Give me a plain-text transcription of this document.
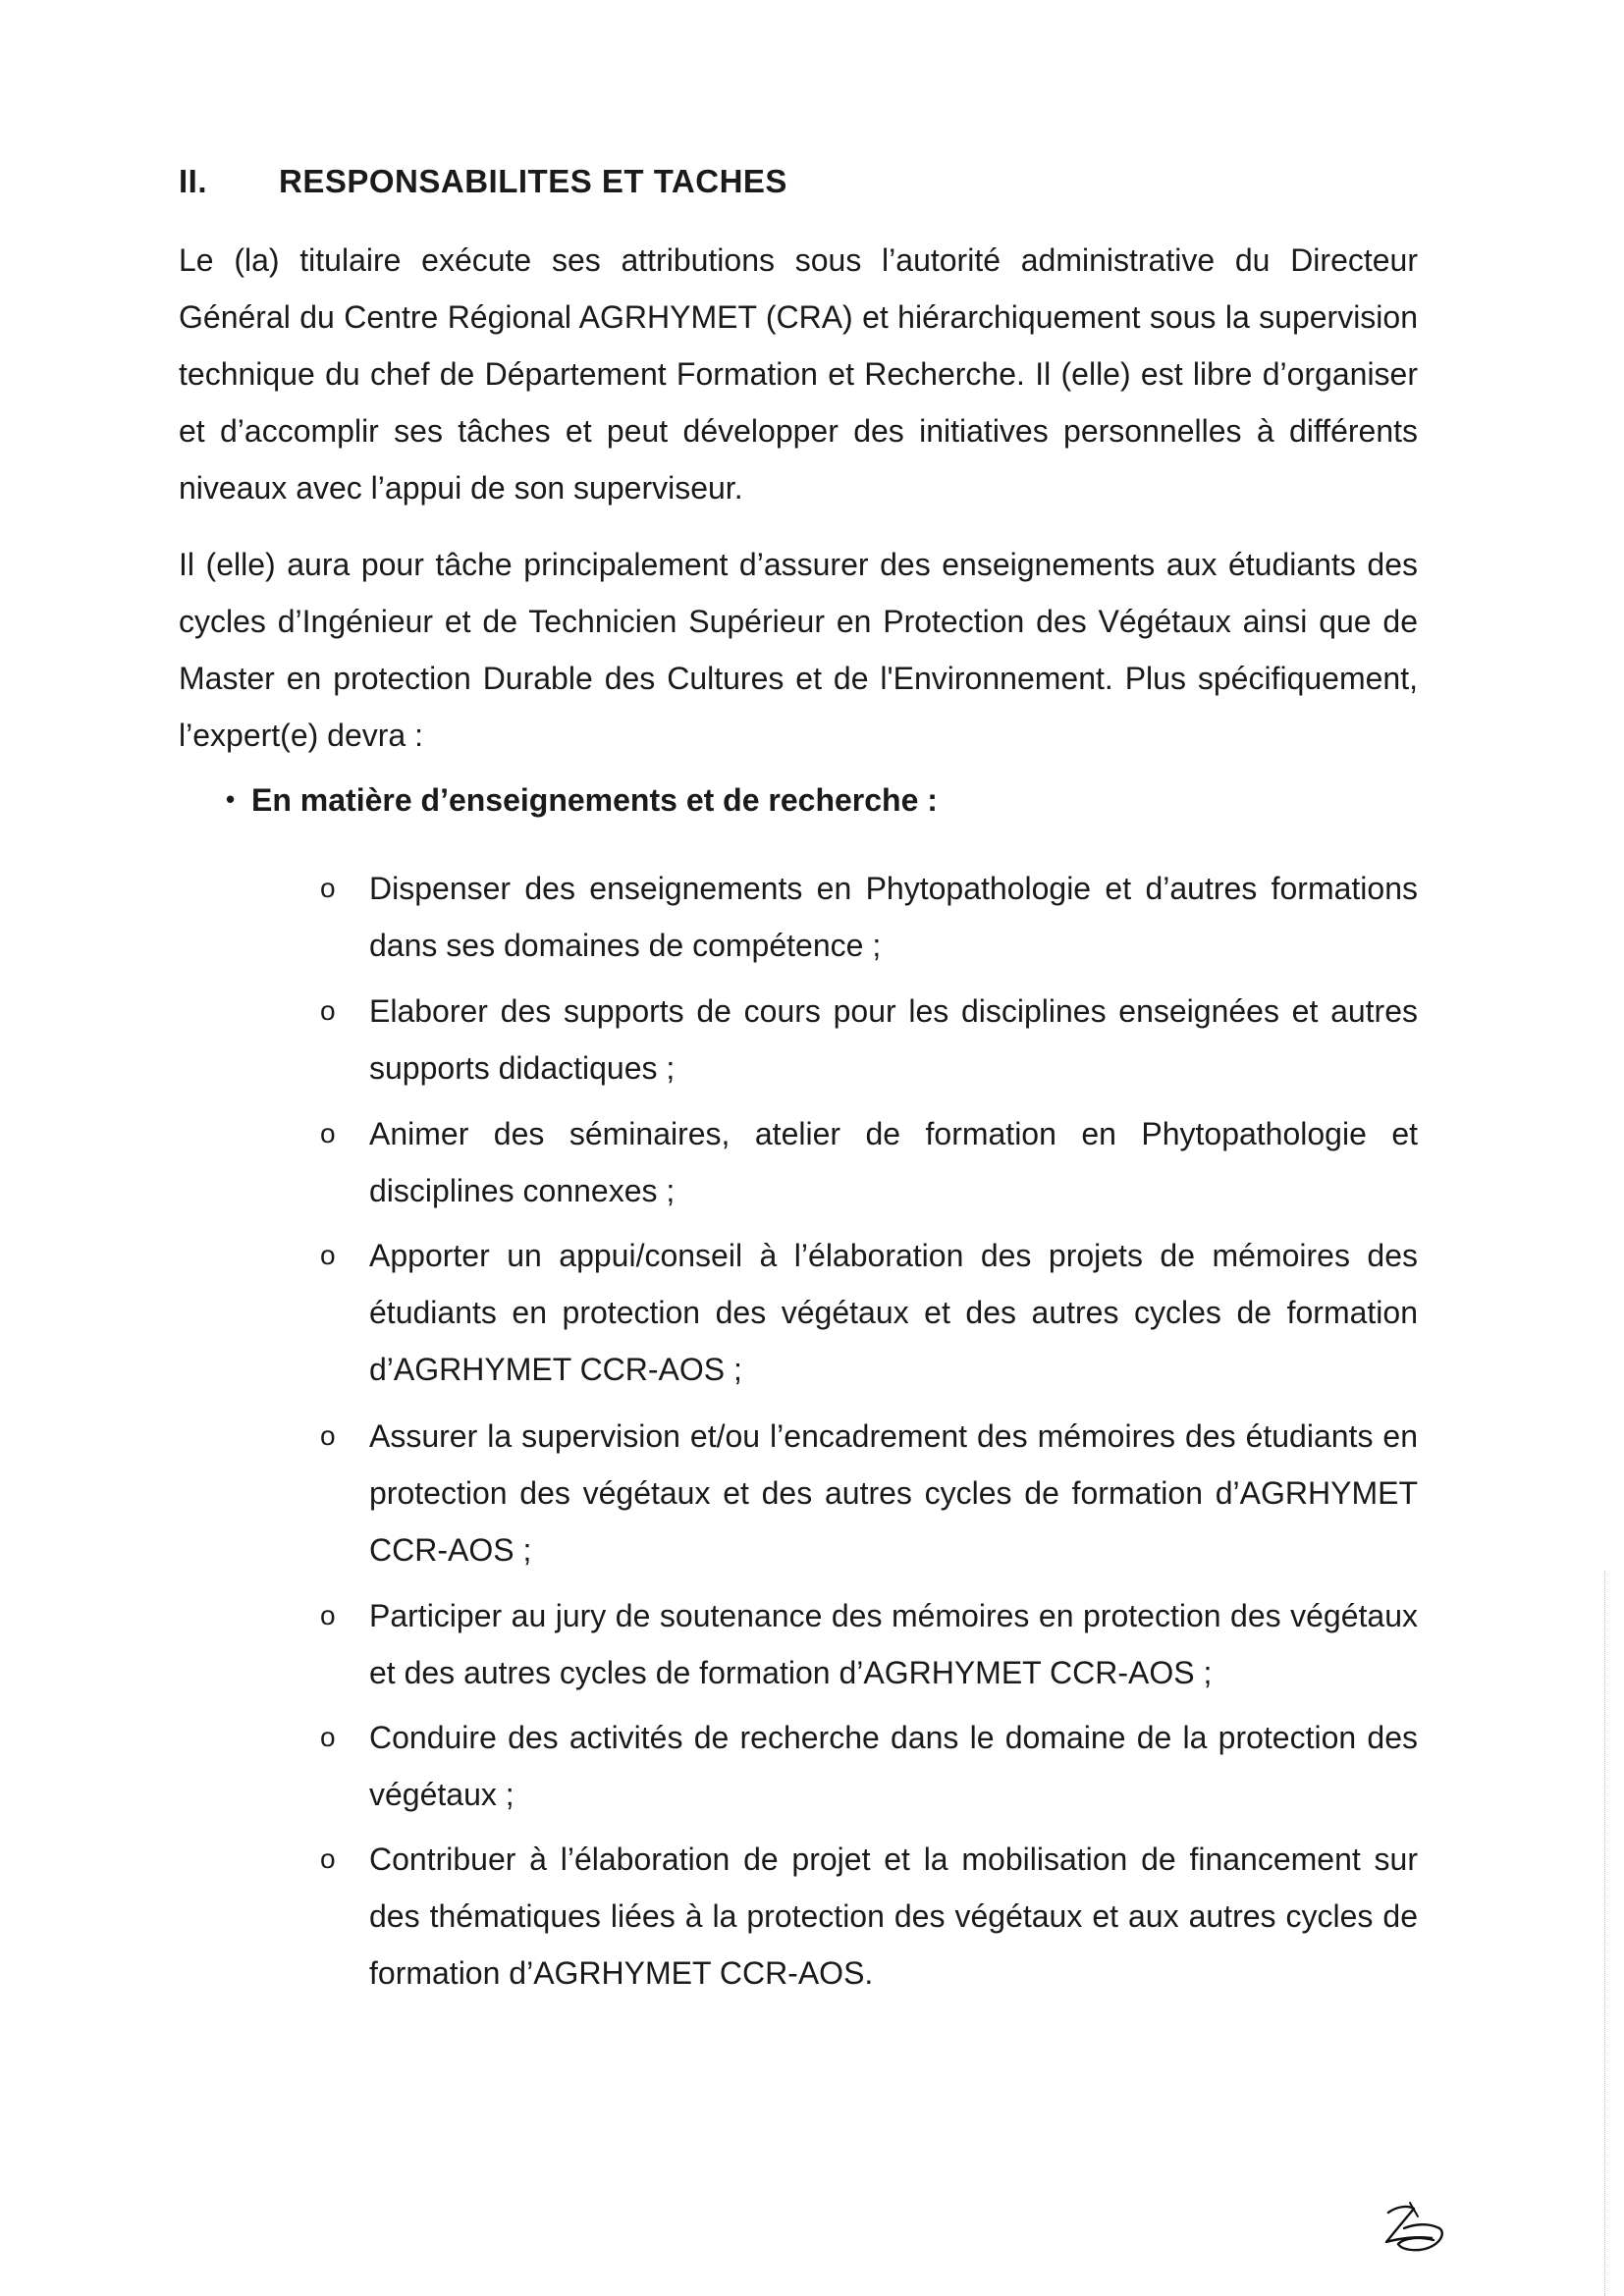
II. RESPONSABILITES ET TACHES

Le (la) titulaire exécute ses attributions sous l’autorité administrative du Directeur Général du Centre Régional AGRHYMET (CRA) et hiérarchiquement sous la supervision technique du chef de Département Formation et Recherche. Il (elle) est libre d’organiser et d’accomplir ses tâches et peut développer des initiatives personnelles à différents niveaux avec l’appui de son superviseur.

Il (elle) aura pour tâche principalement d’assurer des enseignements aux étudiants des cycles d’Ingénieur et de Technicien Supérieur en Protection des Végétaux ainsi que de Master en protection Durable des Cultures et de l'Environnement. Plus spécifiquement, l’expert(e) devra :

• En matière d’enseignements et de recherche :
o	Dispenser des enseignements en Phytopathologie et d’autres formations dans ses domaines de compétence ;
o	Elaborer des supports de cours pour les disciplines enseignées et autres supports didactiques ;
o	Animer des séminaires, atelier de formation en Phytopathologie et disciplines connexes ;
o	Apporter un appui/conseil à l’élaboration des projets de mémoires des étudiants en protection des végétaux et des autres cycles de formation d’AGRHYMET CCR-AOS ;
o	Assurer la supervision et/ou l’encadrement des mémoires des étudiants en protection des végétaux et des autres cycles de formation d’AGRHYMET CCR-AOS ;
o	Participer au jury de soutenance des mémoires en protection des végétaux et des autres cycles de formation d’AGRHYMET CCR-AOS ;
o	Conduire des activités de recherche dans le domaine de la protection des végétaux ;
o	Contribuer à l’élaboration de projet et la mobilisation de financement sur des thématiques liées à la protection des végétaux et aux autres cycles de formation d’AGRHYMET CCR-AOS.
